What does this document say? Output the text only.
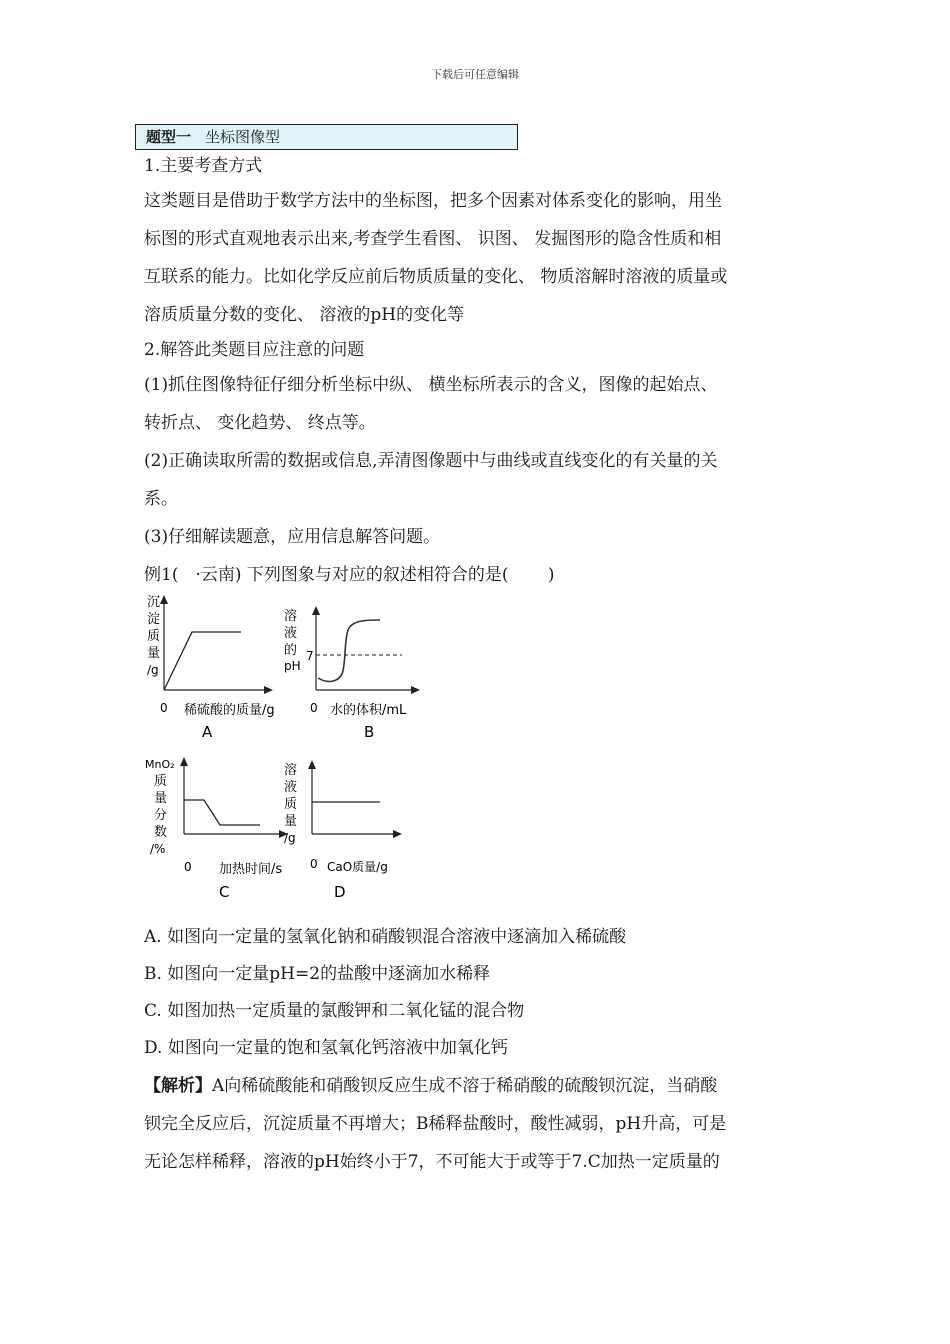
下载后可任意编辑
题型一 坐标图像型
1.主要考查方式
这类题目是借助于数学方法中的坐标图，把多个因素对体系变化的影响，用坐
标图的形式直观地表示出来,考查学生看图、 识图、 发掘图形的隐含性质和相
互联系的能力。比如化学反应前后物质质量的变化、 物质溶解时溶液的质量或
溶质质量分数的变化、 溶液的pH的变化等
2.解答此类题目应注意的问题
(1)抓住图像特征仔细分析坐标中纵、 横坐标所表示的含义，图像的起始点、
转折点、 变化趋势、 终点等。
(2)正确读取所需的数据或信息,弄清图像题中与曲线或直线变化的有关量的关
系。
(3)仔细解读题意，应用信息解答问题。
例1(　·云南) 下列图象与对应的叙述相符合的是(　　 )
沉
淀
质
量
/g
0 稀硫酸的质量/g
A
MnO₂
质
量
分
数
/%
0 加热时间/s
C
溶
液
的
pH
7
0 水的体积/mL
B
溶
液
质
量
/g
0 CaO质量/g
D
A. 如图向一定量的氢氧化钠和硝酸钡混合溶液中逐滴加入稀硫酸
B. 如图向一定量pH=2的盐酸中逐滴加水稀释
C. 如图加热一定质量的氯酸钾和二氧化锰的混合物
D. 如图向一定量的饱和氢氧化钙溶液中加氧化钙
【解析】A向稀硫酸能和硝酸钡反应生成不溶于稀硝酸的硫酸钡沉淀，当硝酸
钡完全反应后，沉淀质量不再增大；B稀释盐酸时，酸性减弱，pH升高，可是
无论怎样稀释，溶液的pH始终小于7，不可能大于或等于7.C加热一定质量的
